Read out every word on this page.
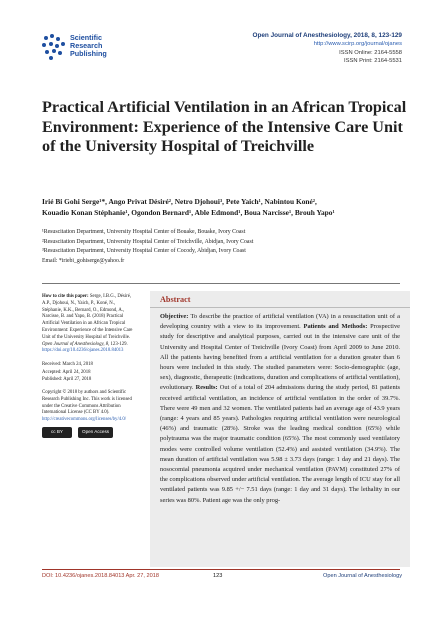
Scientific
Research
Publishing
Open Journal of Anesthesiology, 2018, 8, 123-129
http://www.scirp.org/journal/ojanes
ISSN Online: 2164-5558
ISSN Print: 2164-5531
Practical Artificial Ventilation in an African Tropical Environment: Experience of the Intensive Care Unit of the University Hospital of Treichville
Irié Bi Gohi Serge¹*, Ango Privat Désiré², Netro Djohoui³, Pete Yaich¹, Nabintou Koné²,
Kouadio Konan Stéphanie¹, Ogondon Bernard¹, Able Edmond¹, Boua Narcisse¹, Brouh Yapo¹
¹Resuscitation Department, University Hospital Center of Bouake, Bouake, Ivory Coast
²Resuscitation Department, University Hospital Center of Treichville, Abidjan, Ivory Coast
³Resuscitation Department, University Hospital Center of Cocody, Abidjan, Ivory Coast
Email: *iriebi_gohiserge@yahoo.fr
How to cite this paper: Serge, I.B.G., Désiré, A.P., Djohoui, N., Yaich, P., Koné, N., Stéphanie, K.K., Bernard, O., Edmond, A., Narcisse, B. and Yapo, B. (2018) Practical Artificial Ventilation in an African Tropical Environment: Experience of the Intensive Care Unit of the University Hospital of Treichville. Open Journal of Anesthesiology, 8, 123-129.
https://doi.org/10.4236/ojanes.2018.84013
Received: March 24, 2018
Accepted: April 24, 2018
Published: April 27, 2018
Copyright © 2018 by authors and Scientific Research Publishing Inc. This work is licensed under the Creative Commons Attribution International License (CC BY 4.0).
http://creativecommons.org/licenses/by/4.0/
cc BY	Open Access
Abstract
Objective: To describe the practice of artificial ventilation (VA) in a resuscitation unit of a developing country with a view to its improvement. Patients and Methods: Prospective study for descriptive and analytical purposes, carried out in the intensive care unit of the University and Hospital Center of Treichville (Ivory Coast) from April 2009 to June 2010. All the patients having benefited from a artificial ventilation for a duration greater than 6 hours were included in this study. The studied parameters were: Socio-demographic (age, sex), diagnostic, therapeutic (indications, duration and complications of artificial ventilation), evolutionary. Results: Out of a total of 204 admissions during the study period, 81 patients received artificial ventilation, an incidence of artificial ventilation in the order of 39.7%. There were 49 men and 32 women. The ventilated patients had an average age of 43.9 years (range: 4 years and 85 years). Pathologies requiring artificial ventilation were neurological (46%) and traumatic (28%). Stroke was the leading medical condition (65%) while polytrauma was the major traumatic condition (65%). The most commonly used ventilatory modes were controlled volume ventilation (52.4%) and assisted ventilation (34.9%). The mean duration of artificial ventilation was 5.98 ± 3.73 days (range: 1 day and 21 days). The nosocomial pneumonia acquired under mechanical ventilation (PAVM) constituted 27% of the complications observed under artificial ventilation. The average length of ICU stay for all ventilated patients was 9.85 +/− 7.51 days (range: 1 day and 31 days). The lethality in our series was 80%. Patient age was the only prog-
DOI: 10.4236/ojanes.2018.84013 Apr. 27, 2018	123	Open Journal of Anesthesiology
